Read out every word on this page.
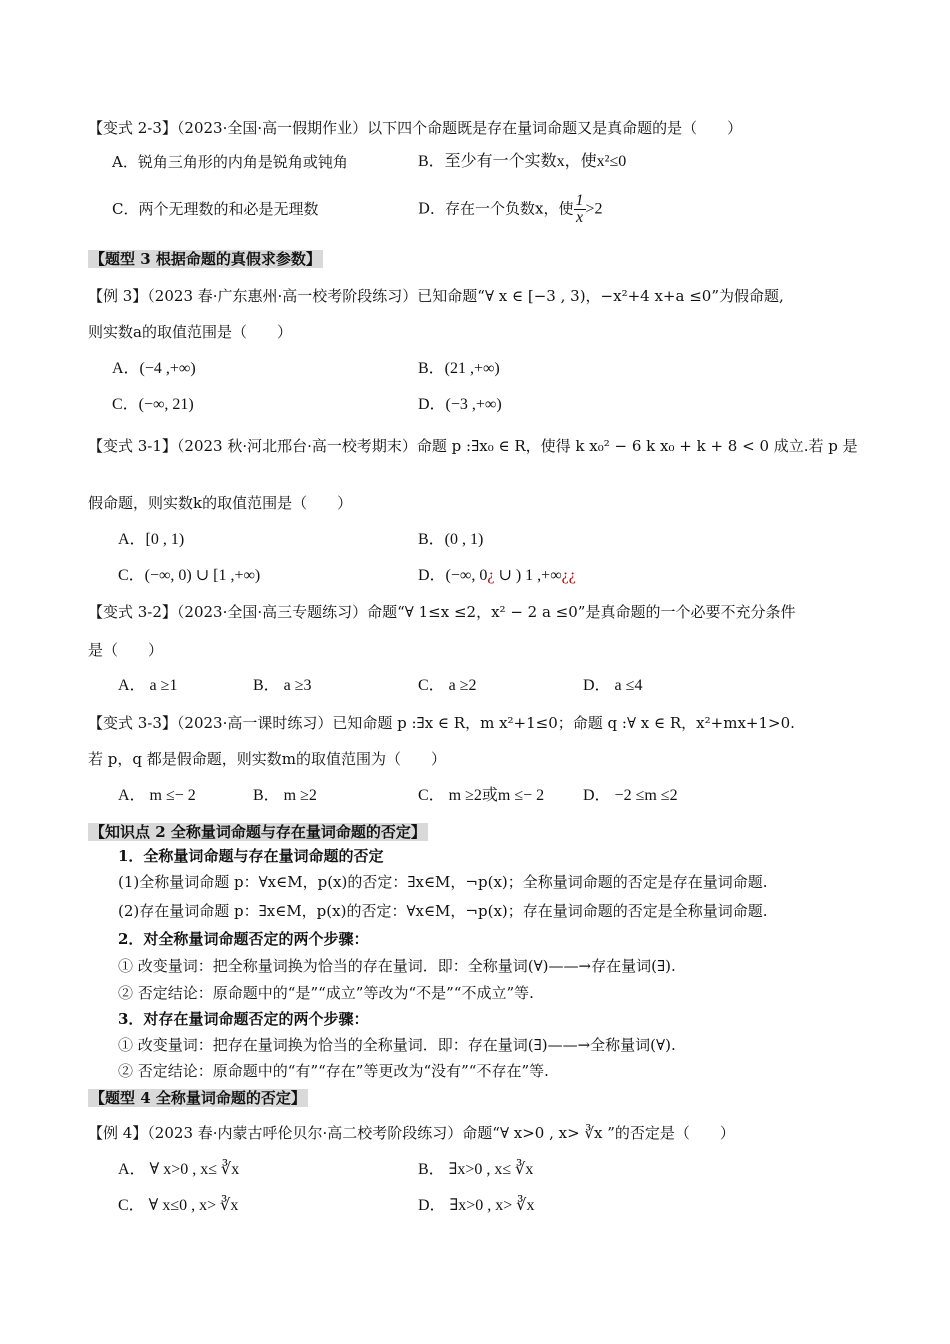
【变式 2-3】（2023·全国·高一假期作业）以下四个命题既是存在量词命题又是真命题的是（　　）
A．锐角三角形的内角是锐角或钝角	B．至少有一个实数x，使x²≤0
C．两个无理数的和必是无理数	D．存在一个负数x，使 $\frac{1}{x} >2$
【题型 3 根据命题的真假求参数】
【例 3】（2023 春·广东惠州·高一校考阶段练习）已知命题“∀ x ∈ [−3 , 3)，−x²+4 x+a ≤0”为假命题,
则实数a的取值范围是（　　）
A．(−4 ,+∞)	B．(21 ,+∞)
C．(−∞, 21)	D．(−3 ,+∞)
【变式 3-1】（2023 秋·河北邢台·高一校考期末）命题 p :∃x₀ ∈ R，使得 k x₀² − 6 k x₀ + k + 8 < 0 成立.若 p 是
假命题，则实数k的取值范围是（　　）
A．[0 , 1)	B．(0 , 1)
C．(−∞, 0) ∪ [1 ,+∞)	D．(−∞, 0¿ ∪ ) 1 ,+∞¿¿
【变式 3-2】（2023·全国·高三专题练习）命题“∀ 1≤x ≤2，x² − 2 a ≤0”是真命题的一个必要不充分条件
是（　　）
A． a ≥1	B． a ≥3	C． a ≥2	D． a ≤4
【变式 3-3】（2023·高一课时练习）已知命题 p :∃x ∈ R，m x²+1≤0；命题 q :∀ x ∈ R，x²+mx+1>0.
若 p，q 都是假命题，则实数m的取值范围为（　　）
A． m ≤− 2	B． m ≥2	C． m ≥2或m ≤− 2 D． −2 ≤m ≤2
【知识点 2 全称量词命题与存在量词命题的否定】
1．全称量词命题与存在量词命题的否定
(1)全称量词命题 p：∀x∈M，p(x)的否定：∃x∈M，¬p(x)；全称量词命题的否定是存在量词命题.
(2)存在量词命题 p：∃x∈M，p(x)的否定：∀x∈M，¬p(x)；存在量词命题的否定是全称量词命题.
2．对全称量词命题否定的两个步骤：
① 改变量词：把全称量词换为恰当的存在量词．即：全称量词(∀)——→存在量词(∃).
② 否定结论：原命题中的“是”“成立”等改为“不是”“不成立”等.
3．对存在量词命题否定的两个步骤：
① 改变量词：把存在量词换为恰当的全称量词．即：存在量词(∃)——→全称量词(∀).
② 否定结论：原命题中的“有”“存在”等更改为“没有”“不存在”等.
【题型 4 全称量词命题的否定】
【例 4】（2023 春·内蒙古呼伦贝尔·高二校考阶段练习）命题“∀ x>0 , x> ∛x ”的否定是（　　）
A． ∀ x>0 , x≤ ∛x	B． ∃x>0 , x≤ ∛x
C． ∀ x≤0 , x> ∛x	D． ∃x>0 , x> ∛x
